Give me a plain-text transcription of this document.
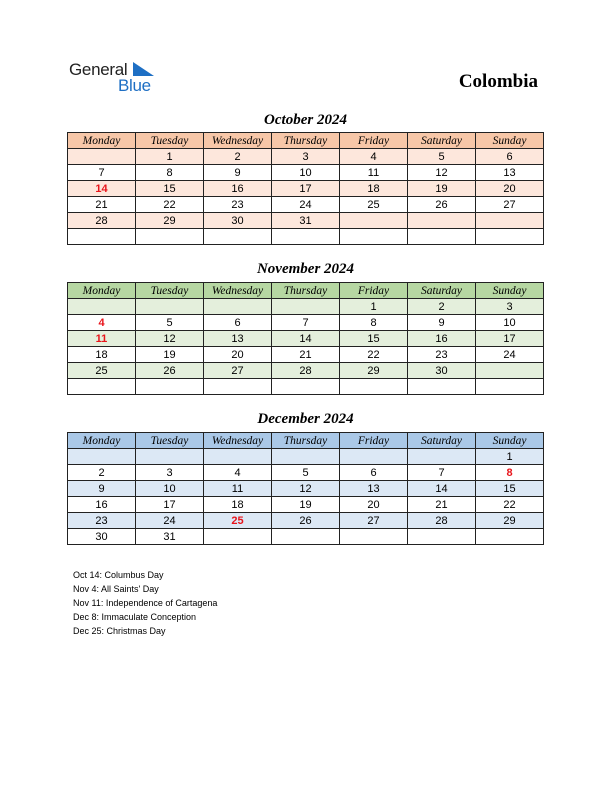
General
Blue	Colombia
October 2024
Monday	Tuesday	Wednesday	Thursday	Friday	Saturday	Sunday
	1	2	3	4	5	6
7	8	9	10	11	12	13
14	15	16	17	18	19	20
21	22	23	24	25	26	27
28	29	30	31			

November 2024
Monday	Tuesday	Wednesday	Thursday	Friday	Saturday	Sunday
				1	2	3
4	5	6	7	8	9	10
11	12	13	14	15	16	17
18	19	20	21	22	23	24
25	26	27	28	29	30	

December 2024
Monday	Tuesday	Wednesday	Thursday	Friday	Saturday	Sunday
						1
2	3	4	5	6	7	8
9	10	11	12	13	14	15
16	17	18	19	20	21	22
23	24	25	26	27	28	29
30	31					
Oct 14: Columbus Day
Nov 4: All Saints' Day
Nov 11: Independence of Cartagena
Dec 8: Immaculate Conception
Dec 25: Christmas Day
